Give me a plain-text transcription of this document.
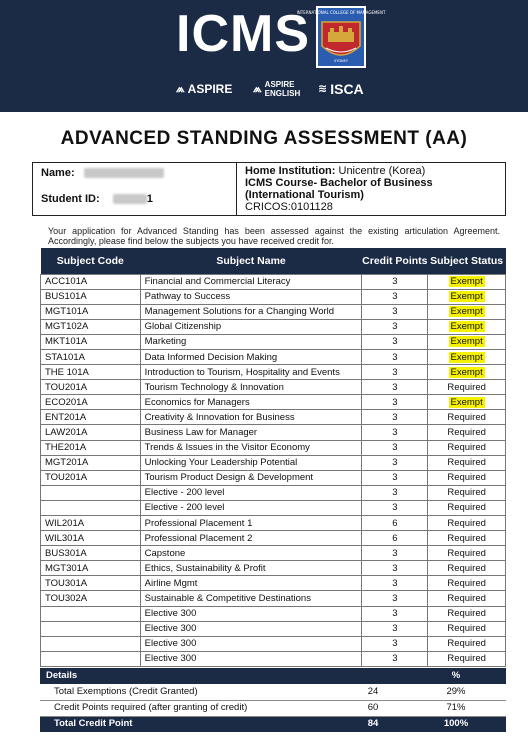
ICMS
INTERNATIONAL COLLEGE OF MANAGEMENT
SYDNEY
⩕ ASPIRE ⩕ ASPIRE
ENGLISH ≋ ISCA
ADVANCED STANDING ASSESSMENT (AA)
Name:
Student ID:	1
Home Institution: Unicentre (Korea)
ICMS Course- Bachelor of Business (International Tourism)
CRICOS:0101128
Your application for Advanced Standing has been assessed against the existing articulation Agreement. Accordingly, please find below the subjects you have received credit for.
Subject Code	Subject Name	Credit Points	Subject Status
ACC101A	Financial and Commercial Literacy	3	Exempt
BUS101A	Pathway to Success	3	Exempt
MGT101A	Management Solutions for a Changing World	3	Exempt
MGT102A	Global Citizenship	3	Exempt
MKT101A	Marketing	3	Exempt
STA101A	Data Informed Decision Making	3	Exempt
THE 101A	Introduction to Tourism, Hospitality and Events	3	Exempt
TOU201A	Tourism Technology & Innovation	3	Required
ECO201A	Economics for Managers	3	Exempt
ENT201A	Creativity & Innovation for Business	3	Required
LAW201A	Business Law for Manager	3	Required
THE201A	Trends & Issues in the Visitor Economy	3	Required
MGT201A	Unlocking Your Leadership Potential	3	Required
TOU201A	Tourism Product Design & Development	3	Required
	Elective - 200 level	3	Required
	Elective - 200 level	3	Required
WIL201A	Professional Placement 1	6	Required
WIL301A	Professional Placement 2	6	Required
BUS301A	Capstone	3	Required
MGT301A	Ethics, Sustainability & Profit	3	Required
TOU301A	Airline Mgmt	3	Required
TOU302A	Sustainable & Competitive Destinations	3	Required
	Elective 300	3	Required
	Elective 300	3	Required
	Elective 300	3	Required
	Elective 300	3	Required
Details		%
Total Exemptions (Credit Granted)	24	29%
Credit Points required (after granting of credit)	60	71%
Total Credit Point	84	100%
